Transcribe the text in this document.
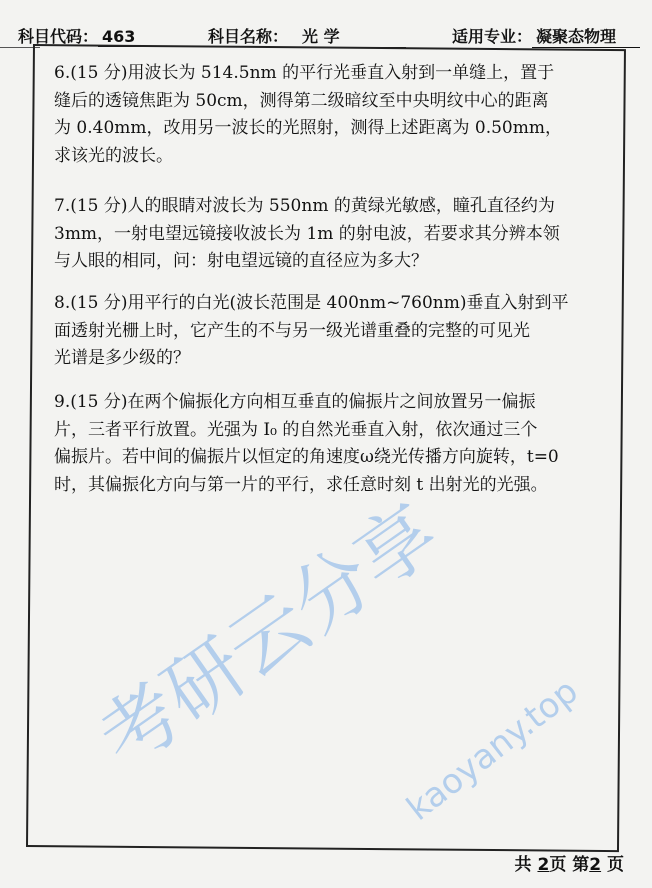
科目代码： 463	科目名称： 光 学	适用专业： 凝聚态物理
6.(15 分)用波长为 514.5nm 的平行光垂直入射到一单缝上，置于
缝后的透镜焦距为 50cm，测得第二级暗纹至中央明纹中心的距离
为 0.40mm，改用另一波长的光照射，测得上述距离为 0.50mm，
求该光的波长。
7.(15 分)人的眼睛对波长为 550nm 的黄绿光敏感，瞳孔直径约为
3mm，一射电望远镜接收波长为 1m 的射电波，若要求其分辨本领
与人眼的相同，问：射电望远镜的直径应为多大？
8.(15 分)用平行的白光(波长范围是 400nm~760nm)垂直入射到平
面透射光栅上时，它产生的不与另一级光谱重叠的完整的可见光
光谱是多少级的？
9.(15 分)在两个偏振化方向相互垂直的偏振片之间放置另一偏振
片，三者平行放置。光强为 I₀ 的自然光垂直入射，依次通过三个
偏振片。若中间的偏振片以恒定的角速度ω绕光传播方向旋转，t=0
时，其偏振化方向与第一片的平行，求任意时刻 t 出射光的光强。
考研云分享
kaoyany.top
共 2页 第2 页
